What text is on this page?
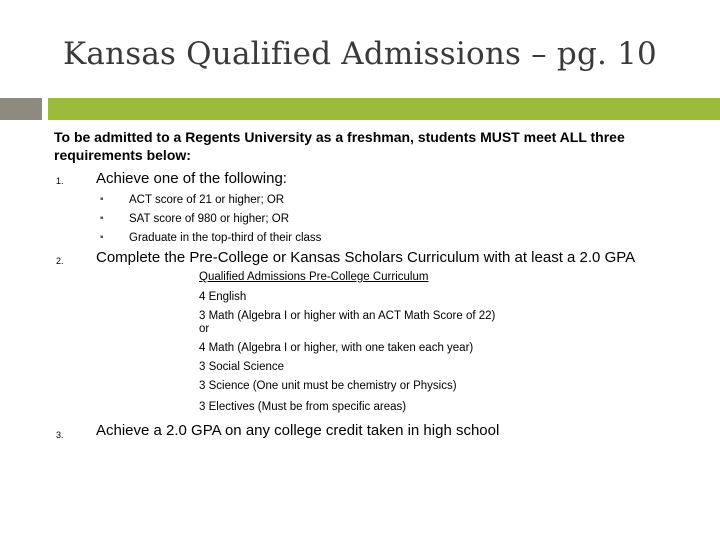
Kansas Qualified Admissions – pg. 10
To be admitted to a Regents University as a freshman, students MUST meet ALL three requirements below:
1. Achieve one of the following:
▪ ACT score of 21 or higher; OR
▪ SAT score of 980 or higher; OR
▪ Graduate in the top-third of their class
2. Complete the Pre-College or Kansas Scholars Curriculum with at least a 2.0 GPA
Qualified Admissions Pre-College Curriculum
4 English
3 Math (Algebra I or higher with an ACT Math Score of 22)
or
4 Math (Algebra I or higher, with one taken each year)
3 Social Science
3 Science (One unit must be chemistry or Physics)
3 Electives (Must be from specific areas)
3. Achieve a 2.0 GPA on any college credit taken in high school
